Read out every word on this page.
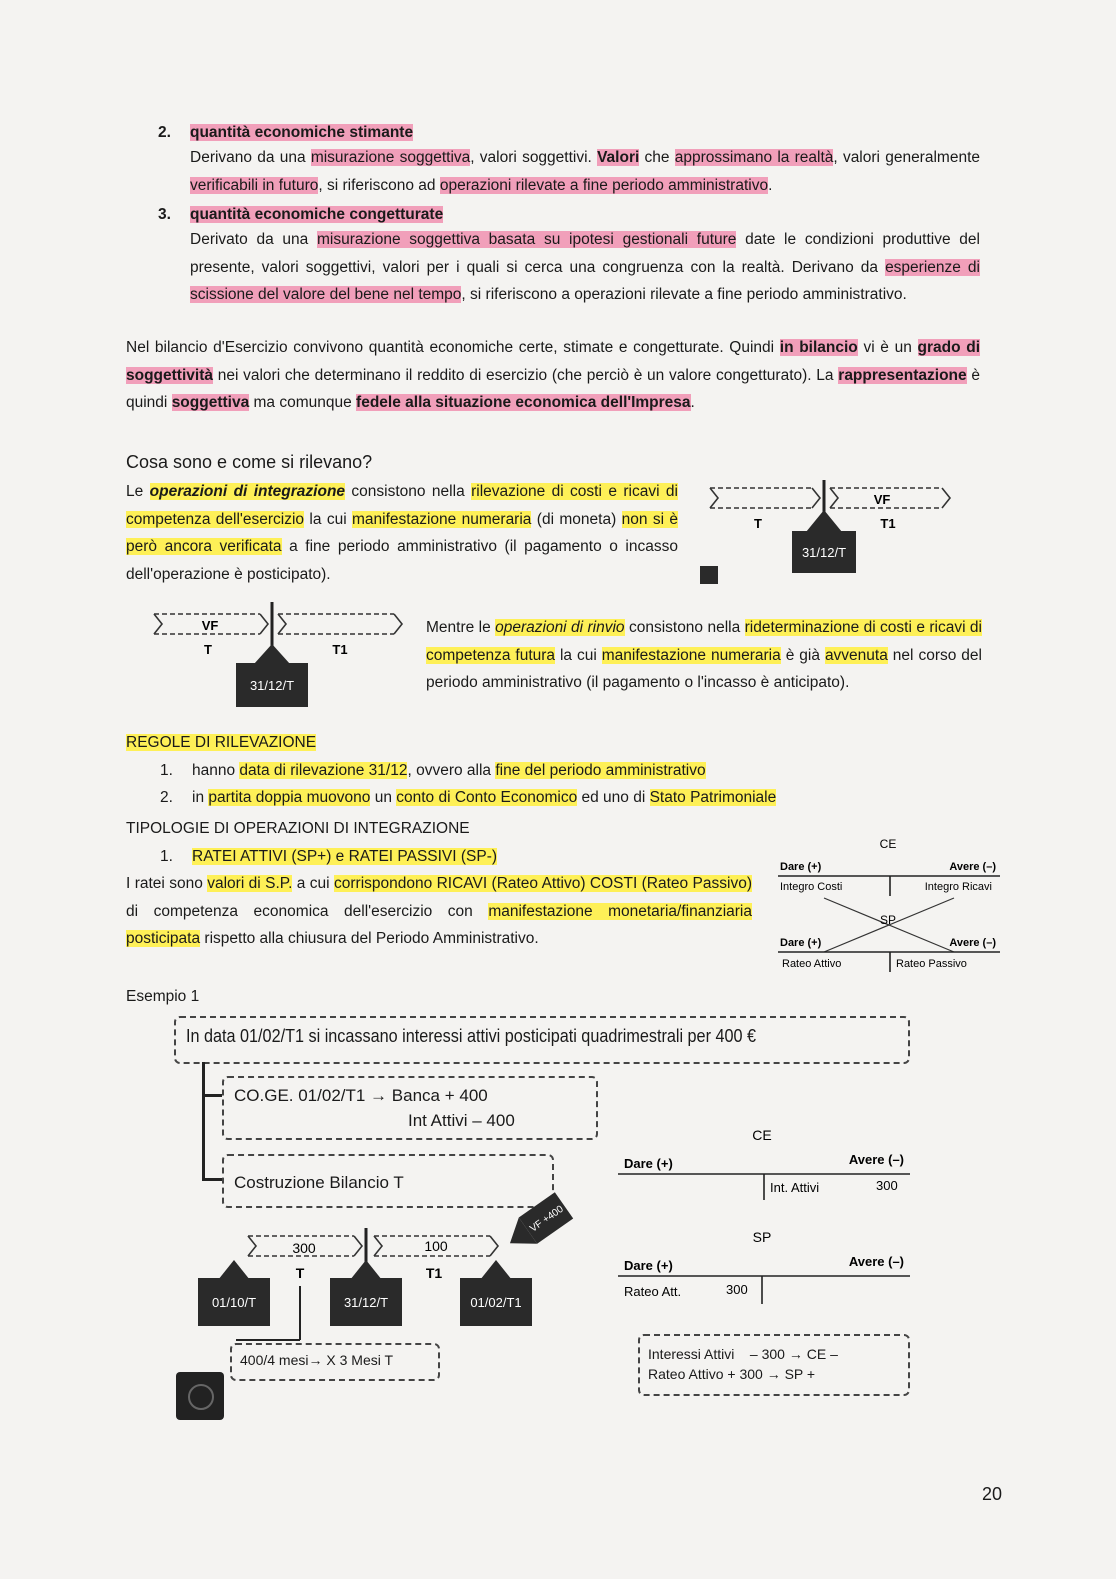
2. quantità economiche stimante
Derivano da una misurazione soggettiva, valori soggettivi. Valori che approssimano la realtà, valori generalmente verificabili in futuro, si riferiscono ad operazioni rilevate a fine periodo amministrativo.
3. quantità economiche congetturate
Derivato da una misurazione soggettiva basata su ipotesi gestionali future date le condizioni produttive del presente, valori soggettivi, valori per i quali si cerca una congruenza con la realtà. Derivano da esperienze di scissione del valore del bene nel tempo, si riferiscono a operazioni rilevate a fine periodo amministrativo.
Nel bilancio d'Esercizio convivono quantità economiche certe, stimate e congetturate. Quindi in bilancio vi è un grado di soggettività nei valori che determinano il reddito di esercizio (che perciò è un valore congetturato). La rappresentazione è quindi soggettiva ma comunque fedele alla situazione economica dell'Impresa.
Cosa sono e come si rilevano?
Le operazioni di integrazione consistono nella rilevazione di costi e ricavi di competenza dell'esercizio la cui manifestazione numeraria (di moneta) non si è però ancora verificata a fine periodo amministrativo (il pagamento o incasso dell'operazione è posticipato).
VF
T	T1
31/12/T
VF
T	T1
31/12/T
Mentre le operazioni di rinvio consistono nella rideterminazione di costi e ricavi di competenza futura la cui manifestazione numeraria è già avvenuta nel corso del periodo amministrativo (il pagamento o l'incasso è anticipato).
REGOLE DI RILEVAZIONE
1. hanno data di rilevazione 31/12, ovvero alla fine del periodo amministrativo
2. in partita doppia muovono un conto di Conto Economico ed uno di Stato Patrimoniale
TIPOLOGIE DI OPERAZIONI DI INTEGRAZIONE
1. RATEI ATTIVI (SP+) e RATEI PASSIVI (SP-)
I ratei sono valori di S.P. a cui corrispondono RICAVI (Rateo Attivo) COSTI (Rateo Passivo) di competenza economica dell'esercizio con manifestazione monetaria/finanziaria posticipata rispetto alla chiusura del Periodo Amministrativo.
Esempio 1
CE
Dare (+)	Avere (–)
Integro Costi	Integro Ricavi
SP
Dare (+)	Avere (–)
Rateo Attivo	Rateo Passivo
In data 01/02/T1 si incassano interessi attivi posticipati quadrimestrali per 400 €
CO.GE. 01/02/T1 → Banca + 400
Int Attivi – 400
Costruzione Bilancio T
300	100
T	T1
01/10/T	31/12/T	01/02/T1
VF +400
400/4 mesi→ X 3 Mesi T
CE
Dare (+)	Avere (–)
Int. Attivi	300
SP
Dare (+)	Avere (–)
Rateo Att.	300
Interessi Attivi    – 300 → CE –
Rateo Attivo + 300 → SP +
20
